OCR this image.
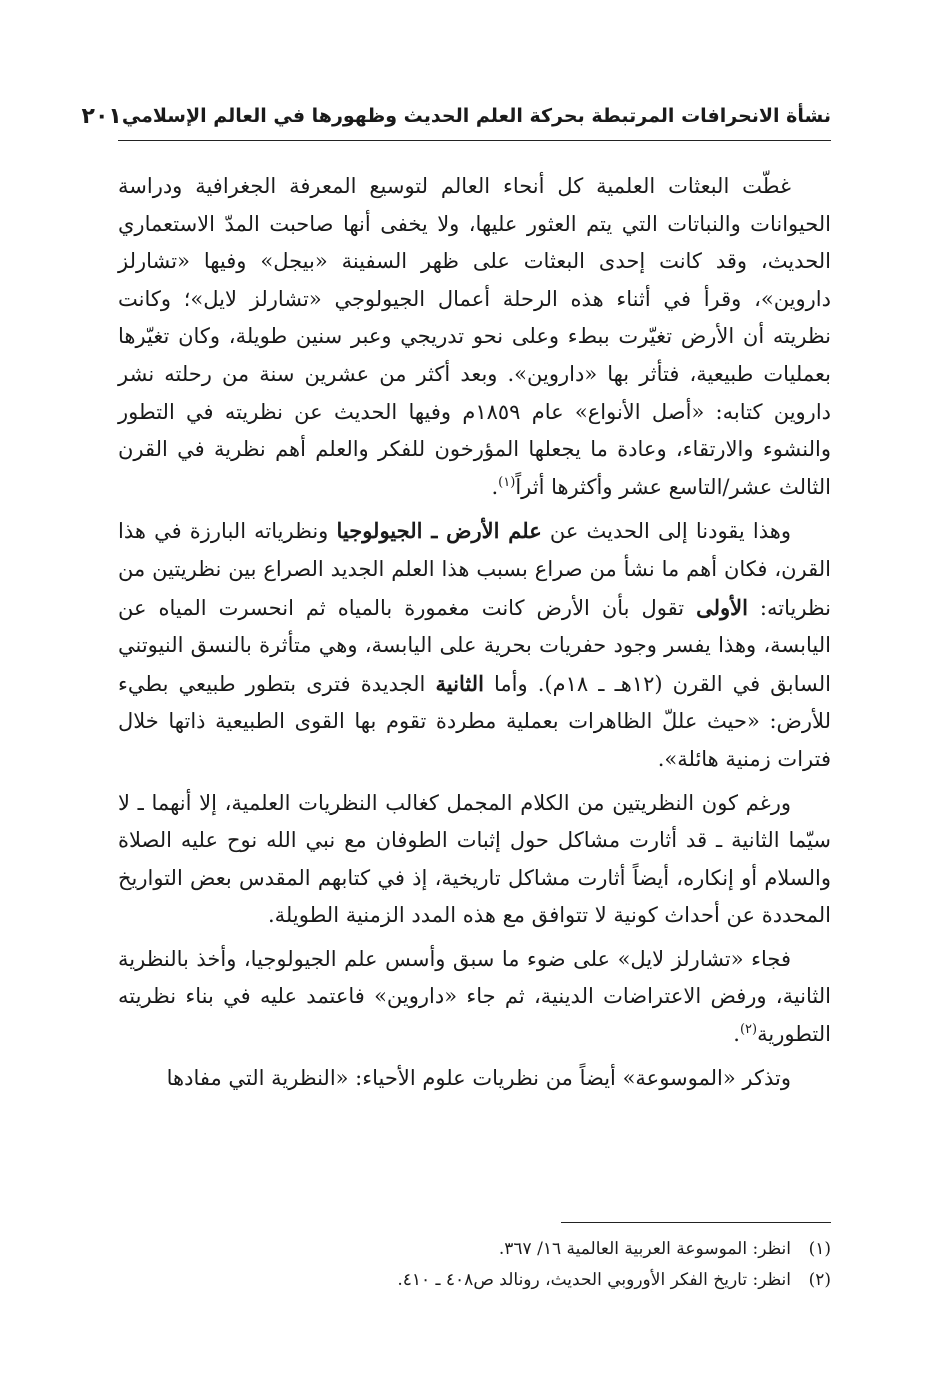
نشأة الانحرافات المرتبطة بحركة العلم الحديث وظهورها في العالم الإسلامي
٢٠١

غطّت البعثات العلمية كل أنحاء العالم لتوسيع المعرفة الجغرافية ودراسة الحيوانات والنباتات التي يتم العثور عليها، ولا يخفى أنها صاحبت المدّ الاستعماري الحديث، وقد كانت إحدى البعثات على ظهر السفينة «بيجل» وفيها «تشارلز داروين»، وقرأ في أثناء هذه الرحلة أعمال الجيولوجي «تشارلز لايل»؛ وكانت نظريته أن الأرض تغيّرت ببطء وعلى نحو تدريجي وعبر سنين طويلة، وكان تغيّرها بعمليات طبيعية، فتأثر بها «داروين». وبعد أكثر من عشرين سنة من رحلته نشر داروين كتابه: «أصل الأنواع» عام ١٨٥٩م وفيها الحديث عن نظريته في التطور والنشوء والارتقاء، وعادة ما يجعلها المؤرخون للفكر والعلم أهم نظرية في القرن الثالث عشر/التاسع عشر وأكثرها أثراً$^{(١)}$.

وهذا يقودنا إلى الحديث عن علم الأرض ـ الجيولوجيا ونظرياته البارزة في هذا القرن، فكان أهم ما نشأ من صراع بسبب هذا العلم الجديد الصراع بين نظريتين من نظرياته: الأولى تقول بأن الأرض كانت مغمورة بالمياه ثم انحسرت المياه عن اليابسة، وهذا يفسر وجود حفريات بحرية على اليابسة، وهي متأثرة بالنسق النيوتني السابق في القرن (١٢هـ ـ ١٨م). وأما الثانية الجديدة فترى بتطور طبيعي بطيء للأرض: «حيث عللّ الظاهرات بعملية مطردة تقوم بها القوى الطبيعية ذاتها خلال فترات زمنية هائلة».

ورغم كون النظريتين من الكلام المجمل كغالب النظريات العلمية، إلا أنهما ـ لا سيّما الثانية ـ قد أثارت مشاكل حول إثبات الطوفان مع نبي الله نوح عليه الصلاة والسلام أو إنكاره، أيضاً أثارت مشاكل تاريخية، إذ في كتابهم المقدس بعض التواريخ المحددة عن أحداث كونية لا تتوافق مع هذه المدد الزمنية الطويلة.

فجاء «تشارلز لايل» على ضوء ما سبق وأسس علم الجيولوجيا، وأخذ بالنظرية الثانية، ورفض الاعتراضات الدينية، ثم جاء «داروين» فاعتمد عليه في بناء نظريته التطورية$^{(٢)}$.

وتذكر «الموسوعة» أيضاً من نظريات علوم الأحياء: «النظرية التي مفادها

(١)
انظر: الموسوعة العربية العالمية ١٦/ ٣٦٧.
(٢)
انظر: تاريخ الفكر الأوروبي الحديث، رونالد ص٤٠٨ ـ ٤١٠.
